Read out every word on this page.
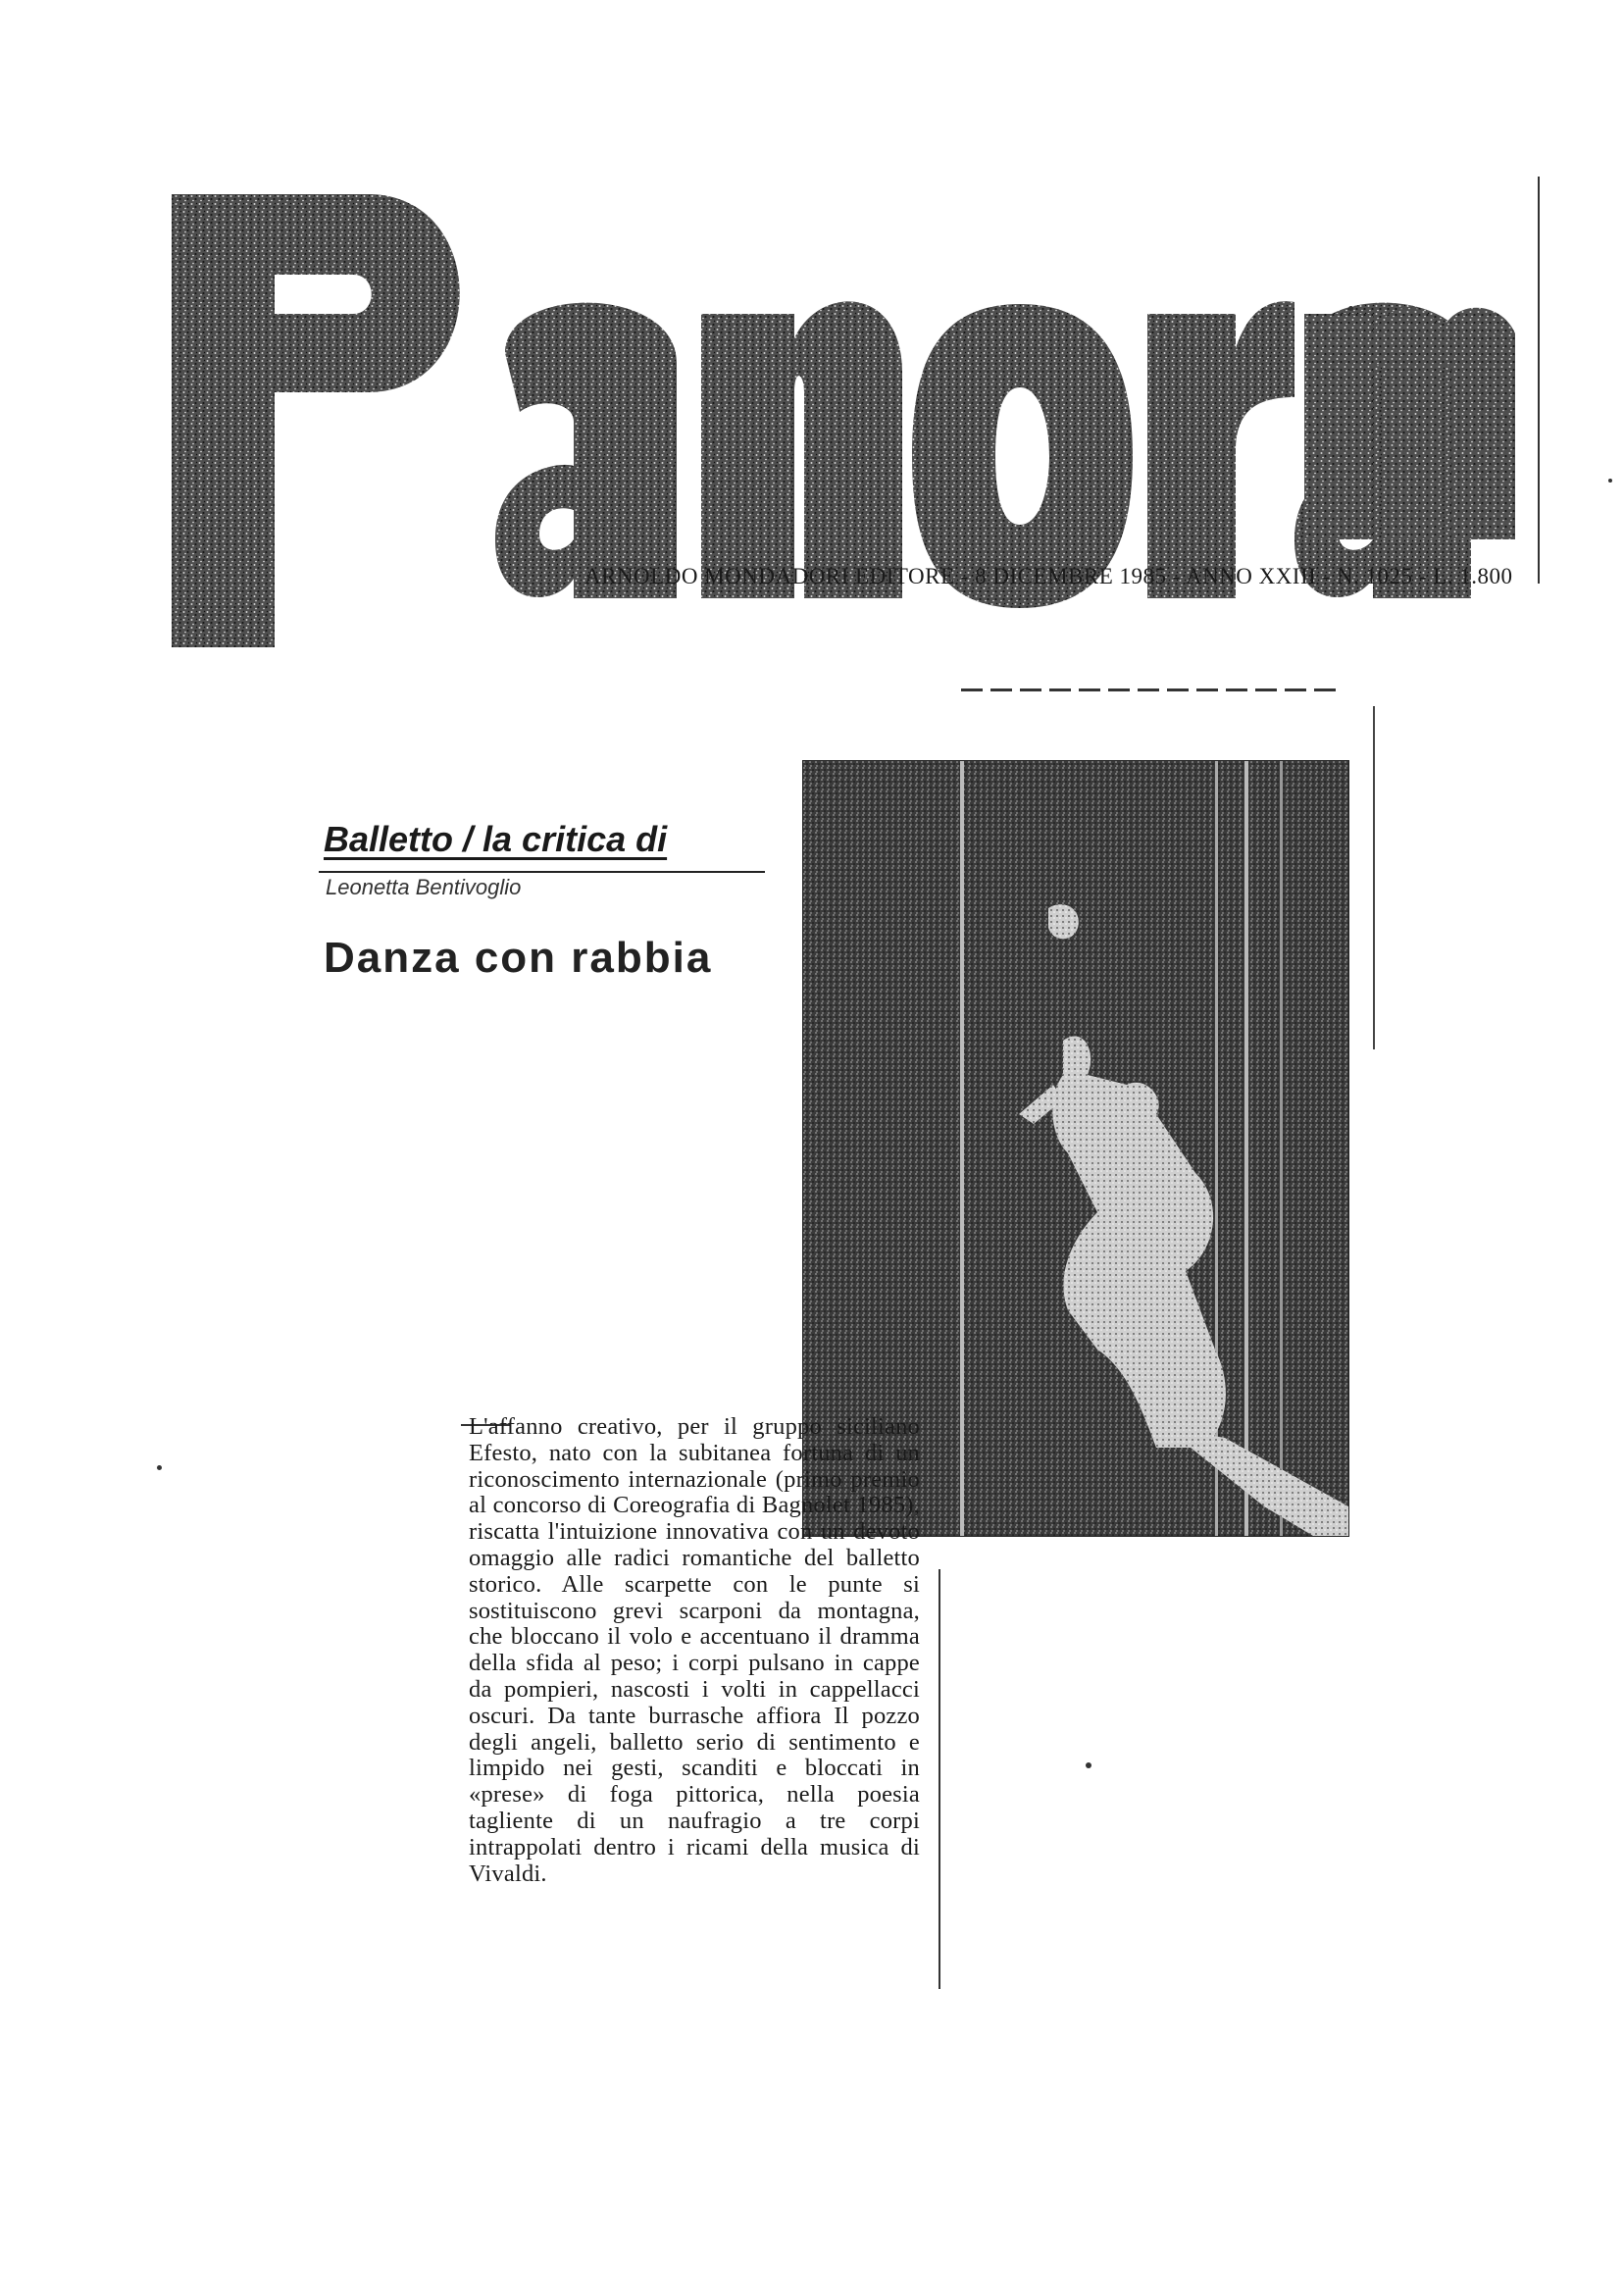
ARNOLDO MONDADORI EDITORE - 8 DICEMBRE 1985 - ANNO XXIII - N. 1025 - L. 1.800
Balletto / la critica di
Leonetta Bentivoglio
Danza con rabbia
L'affanno creativo, per il gruppo siciliano Efesto, nato con la subitanea fortuna di un riconoscimento internazionale (primo premio al concorso di Coreografia di Bagnolet 1985), riscatta l'intuizione innovativa con un devoto omaggio alle radici romantiche del balletto storico. Alle scarpette con le punte si sostituiscono grevi scarponi da montagna, che bloccano il volo e accentuano il dramma della sfida al peso; i corpi pulsano in cappe da pompieri, nascosti i volti in cappellacci oscuri. Da tante burrasche affiora Il pozzo degli angeli, balletto serio di sentimento e limpido nei gesti, scanditi e bloccati in «prese» di foga pittorica, nella poesia tagliente di un naufragio a tre corpi intrappolati dentro i ricami della musica di Vivaldi.
